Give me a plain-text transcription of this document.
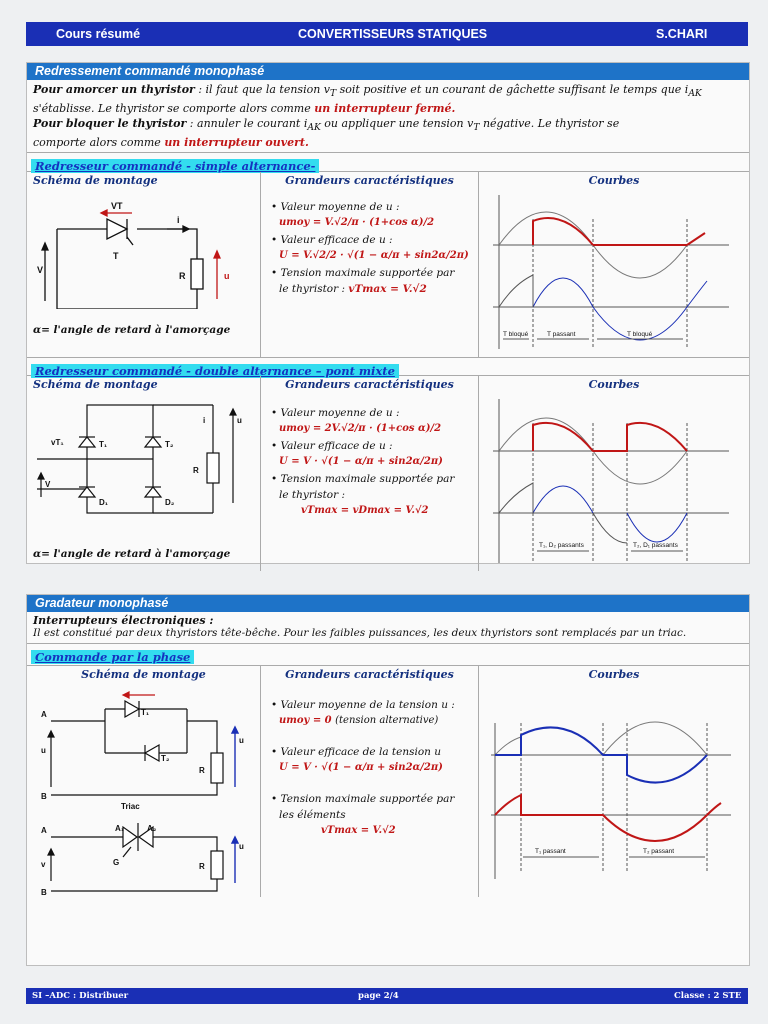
Cours résumé	CONVERTISSEURS STATIQUES	S.CHARI
Redressement commandé monophasé
Pour amorcer un thyristor : il faut que la tension $v_T$ soit positive et un courant de gâchette suffisant le temps que $i_{AK}$
s'établisse. Le thyristor se comporte alors comme un interrupteur fermé.
Pour bloquer le thyristor : annuler le courant $i_{AK}$ ou appliquer une tension $v_T$ négative. Le thyristor se
comporte alors comme un interrupteur ouvert.
Redresseur commandé - simple alternance-
Schéma de montage
VT
T
V
i
R	u
α= l'angle de retard à l'amorçage
Grandeurs caractéristiques
• Valeur moyenne de u :
umoy = V.√2/π · (1+cos α)/2
• Valeur efficace de u :
U = V.√2/2 · √(1 − α/π + sin2α/2π)
• Tension maximale supportée par
le thyristor : vTmax = V.√2
Courbes
T bloqué	T passant	T bloqué
Redresseur commandé - double alternance – pont mixte
Schéma de montage
vT₁	T₁	T₂
D₁	D₂
V
R
i	u
α= l'angle de retard à l'amorçage
Grandeurs caractéristiques
• Valeur moyenne de u :
umoy = 2V.√2/π · (1+cos α)/2
• Valeur efficace de u :
U = V · √(1 − α/π + sin2α/2π)
• Tension maximale supportée par
le thyristor :
vTmax = vDmax = V.√2
Courbes
T₁, D₂ passants	T₂, D₁ passants
Gradateur monophasé
Interrupteurs électroniques :
Il est constitué par deux thyristors tête-bêche. Pour les faibles puissances, les deux thyristors sont remplacés par un triac.
Commande par la phase
Schéma de montage
A
B
A
B
u
v
T₁
T₂
R
R
u
u
A₁	A₂
G
Triac
Grandeurs caractéristiques
• Valeur moyenne de la tension u :
umoy = 0 (tension alternative)
• Valeur efficace de la tension u
U = V · √(1 − α/π + sin2α/2π)
• Tension maximale supportée par
les éléments
vTmax = V.√2
Courbes
T₁ passant	T₂ passant
SI –ADC : Distribuer	page 2/4	Classe : 2 STE
